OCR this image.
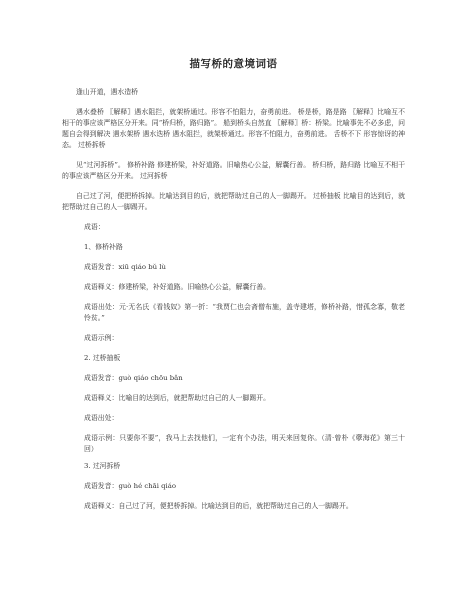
描写桥的意境词语

逢山开道，遇水造桥

遇水叠桥 〖解释〗遇水阻拦，就架桥通过。形容不怕阻力，奋勇前进。 桥是桥，路是路 〖解释〗比喻互不相干的事应该严格区分开来。同“桥归桥，路归路”。 船到桥头自然直 〖解释〗桥：桥梁。比喻事先不必多虑，问题自会得到解决 遇水架桥 遇水迭桥 遇水阻拦，就架桥通过。形容不怕阻力，奋勇前进。 舌桥不下 形容惊讶的神态。 过桥拆桥

见“过河拆桥”。 修桥补路 修建桥梁，补好道路。旧喻热心公益，解囊行善。 桥归桥，路归路 比喻互不相干的事应该严格区分开来。 过河拆桥

自己过了河，便把桥拆掉。比喻达到目的后，就把帮助过自己的人一脚踢开。 过桥抽板 比喻目的达到后，就把帮助过自己的人一脚踢开。

成语：

1、修桥补路

成语发音：xiū qiáo bǔ lù

成语释义：修建桥梁，补好道路。旧喻热心公益，解囊行善。

成语出处：元·无名氏《看钱奴》第一折：“我贾仁也会斋僧布施，盖寺建塔，修桥补路，惜孤念寡，敬老怜贫。”

成语示例：

2. 过桥抽板

成语发音：guò qiáo chōu bǎn

成语释义：比喻目的达到后，就把帮助过自己的人一脚踢开。

成语出处：

成语示例：只要你不要”，我马上去找他们，一定有个办法，明天来回复你。（清·曾朴《孽海花》第三十回）

3. 过河拆桥

成语发音：guò hé chāi qiáo

成语释义：自己过了河，便把桥拆掉。比喻达到目的后，就把帮助过自己的人一脚踢开。
